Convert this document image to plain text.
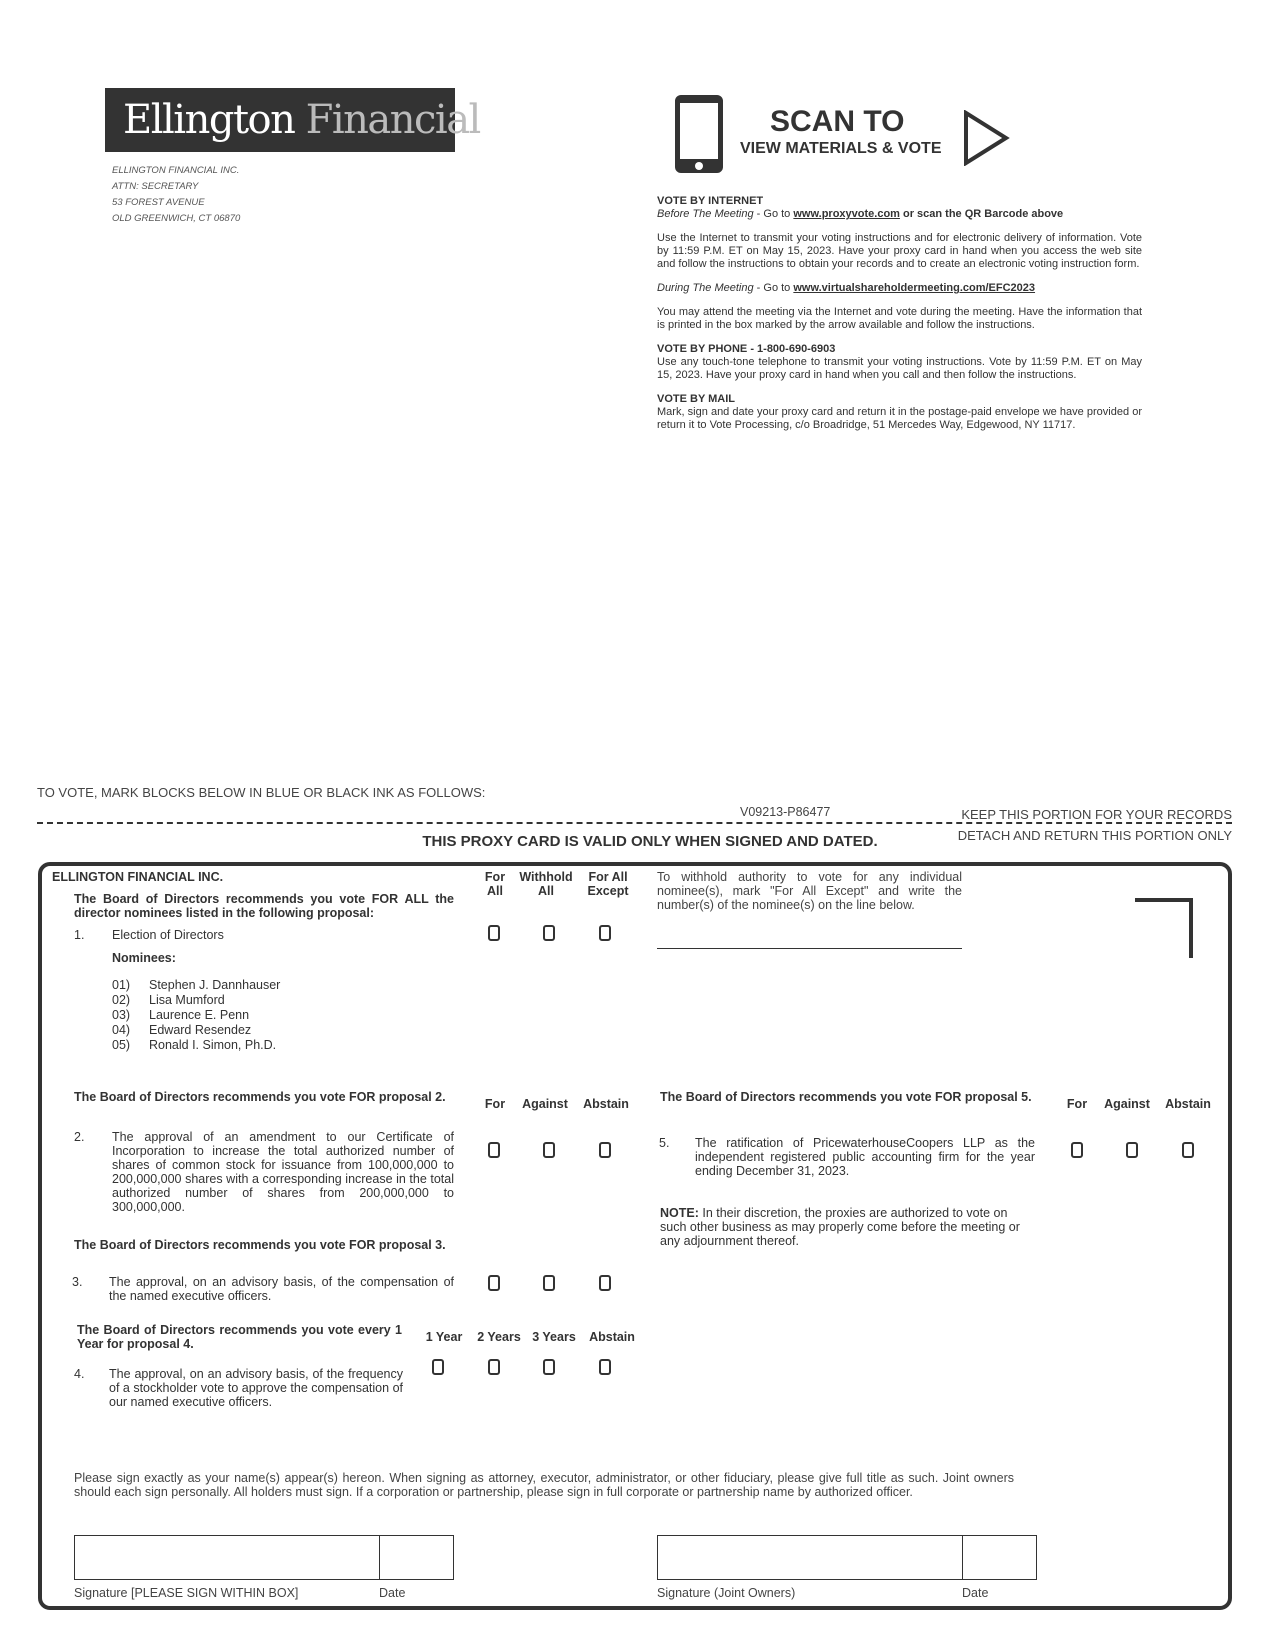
Ellington Financial
ELLINGTON FINANCIAL INC.
ATTN: SECRETARY
53 FOREST AVENUE
OLD GREENWICH, CT 06870
SCAN TO
VIEW MATERIALS & VOTE
VOTE BY INTERNET

Before The Meeting - Go to www.proxyvote.com or scan the QR Barcode above

Use the Internet to transmit your voting instructions and for electronic delivery of information. Vote by 11:59 P.M. ET on May 15, 2023. Have your proxy card in hand when you access the web site and follow the instructions to obtain your records and to create an electronic voting instruction form.

During The Meeting - Go to www.virtualshareholdermeeting.com/EFC2023

You may attend the meeting via the Internet and vote during the meeting. Have the information that is printed in the box marked by the arrow available and follow the instructions.

VOTE BY PHONE - 1-800-690-6903

Use any touch-tone telephone to transmit your voting instructions. Vote by 11:59 P.M. ET on May 15, 2023. Have your proxy card in hand when you call and then follow the instructions.

VOTE BY MAIL

Mark, sign and date your proxy card and return it in the postage-paid envelope we have provided or return it to Vote Processing, c/o Broadridge, 51 Mercedes Way, Edgewood, NY 11717.

TO VOTE, MARK BLOCKS BELOW IN BLUE OR BLACK INK AS FOLLOWS:
V09213-P86477	KEEP THIS PORTION FOR YOUR RECORDS
DETACH AND RETURN THIS PORTION ONLY
THIS PROXY CARD IS VALID ONLY WHEN SIGNED AND DATED.
ELLINGTON FINANCIAL INC.
The Board of Directors recommends you vote FOR ALL the director nominees listed in the following proposal:
For All
Withhold All
For All Except
1. Election of Directors
Nominees:
01) Stephen J. Dannhauser
02) Lisa Mumford
03) Laurence E. Penn
04) Edward Resendez
05) Ronald I. Simon, Ph.D.
To withhold authority to vote for any individual nominee(s), mark "For All Except" and write the number(s) of the nominee(s) on the line below.
The Board of Directors recommends you vote FOR proposal 2.	For	Against	Abstain
2. The approval of an amendment to our Certificate of Incorporation to increase the total authorized number of shares of common stock for issuance from 100,000,000 to 200,000,000 shares with a corresponding increase in the total authorized number of shares from 200,000,000 to 300,000,000.
The Board of Directors recommends you vote FOR proposal 3.
3. The approval, on an advisory basis, of the compensation of the named executive officers.
The Board of Directors recommends you vote every 1 Year for proposal 4.	1 Year	2 Years 3 Years	Abstain
4. The approval, on an advisory basis, of the frequency of a stockholder vote to approve the compensation of our named executive officers.
The Board of Directors recommends you vote FOR proposal 5.	For	Against	Abstain
5. The ratification of PricewaterhouseCoopers LLP as the independent registered public accounting firm for the year ending December 31, 2023.
NOTE: In their discretion, the proxies are authorized to vote on such other business as may properly come before the meeting or any adjournment thereof.
Please sign exactly as your name(s) appear(s) hereon. When signing as attorney, executor, administrator, or other fiduciary, please give full title as such. Joint owners should each sign personally. All holders must sign. If a corporation or partnership, please sign in full corporate or partnership name by authorized officer.
Signature [PLEASE SIGN WITHIN BOX]	Date	Signature (Joint Owners)	Date
